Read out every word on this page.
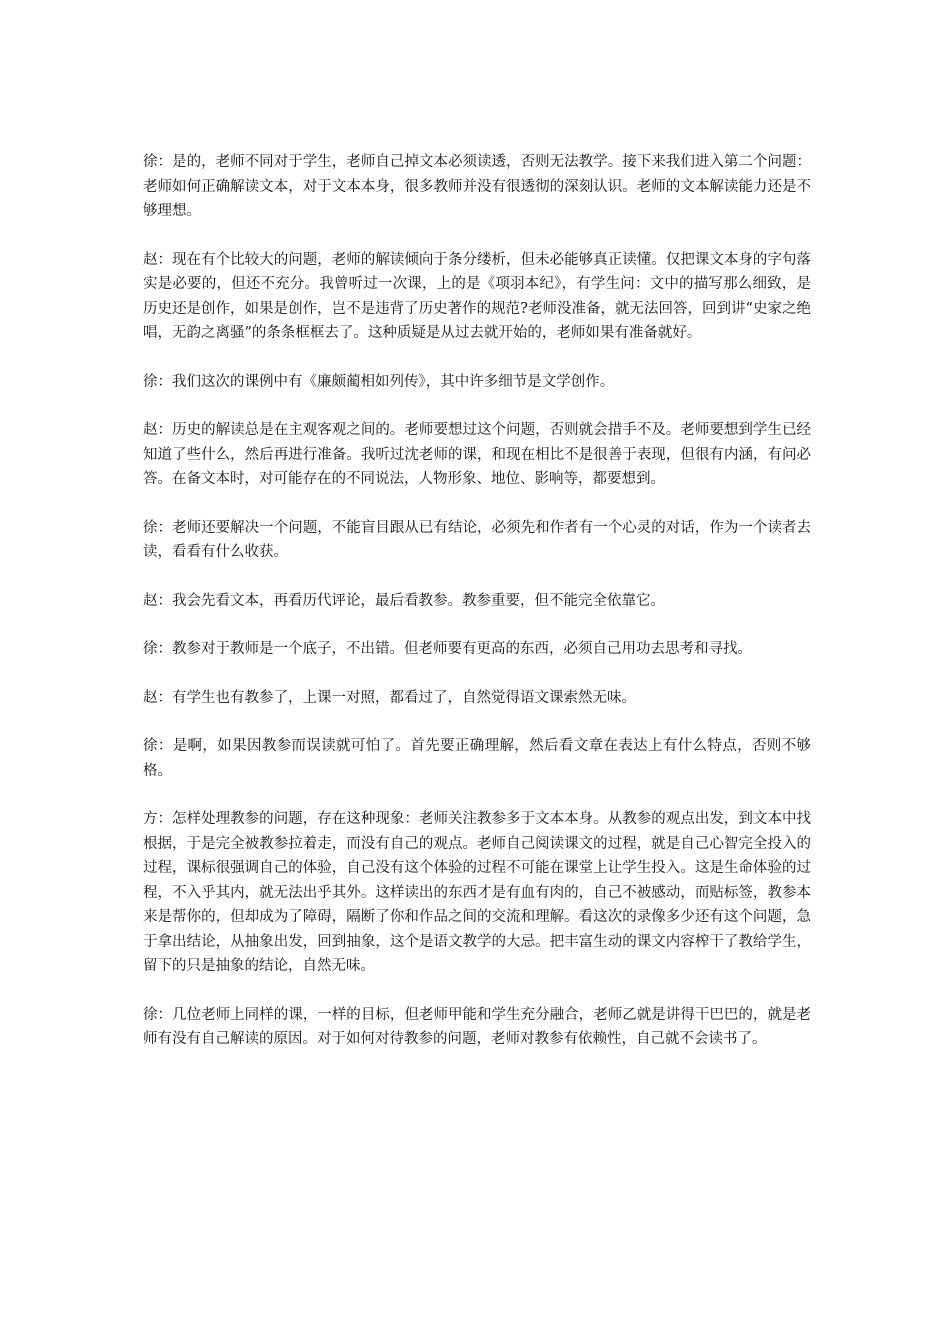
徐：是的，老师不同对于学生，老师自己掉文本必须读透，否则无法教学。接下来我们进入第二个问题：老师如何正确解读文本，对于文本本身，很多教师并没有很透彻的深刻认识。老师的文本解读能力还是不够理想。

赵：现在有个比较大的问题，老师的解读倾向于条分缕析，但未必能够真正读懂。仅把课文本身的字句落实是必要的，但还不充分。我曾听过一次课，上的是《项羽本纪》，有学生问：文中的描写那么细致，是历史还是创作，如果是创作，岂不是违背了历史著作的规范?老师没准备，就无法回答，回到讲“史家之绝唱，无韵之离骚”的条条框框去了。这种质疑是从过去就开始的，老师如果有准备就好。

徐：我们这次的课例中有《廉颇蔺相如列传》，其中许多细节是文学创作。

赵：历史的解读总是在主观客观之间的。老师要想过这个问题，否则就会措手不及。老师要想到学生已经知道了些什么，然后再进行准备。我听过沈老师的课，和现在相比不是很善于表现，但很有内涵，有问必答。在备文本时，对可能存在的不同说法，人物形象、地位、影响等，都要想到。

徐：老师还要解决一个问题，不能盲目跟从已有结论，必须先和作者有一个心灵的对话，作为一个读者去读，看看有什么收获。

赵：我会先看文本，再看历代评论，最后看教参。教参重要，但不能完全依靠它。

徐：教参对于教师是一个底子，不出错。但老师要有更高的东西，必须自己用功去思考和寻找。

赵：有学生也有教参了，上课一对照，都看过了，自然觉得语文课索然无味。

徐：是啊，如果因教参而误读就可怕了。首先要正确理解，然后看文章在表达上有什么特点，否则不够格。

方：怎样处理教参的问题，存在这种现象：老师关注教参多于文本本身。从教参的观点出发，到文本中找根据，于是完全被教参拉着走，而没有自己的观点。老师自己阅读课文的过程，就是自己心智完全投入的过程，课标很强调自己的体验，自己没有这个体验的过程不可能在课堂上让学生投入。这是生命体验的过程，不入乎其内，就无法出乎其外。这样读出的东西才是有血有肉的，自己不被感动，而贴标签，教参本来是帮你的，但却成为了障碍，隔断了你和作品之间的交流和理解。看这次的录像多少还有这个问题，急于拿出结论，从抽象出发，回到抽象，这个是语文教学的大忌。把丰富生动的课文内容榨干了教给学生，留下的只是抽象的结论，自然无味。

徐：几位老师上同样的课，一样的目标，但老师甲能和学生充分融合，老师乙就是讲得干巴巴的，就是老师有没有自己解读的原因。对于如何对待教参的问题，老师对教参有依赖性，自己就不会读书了。
